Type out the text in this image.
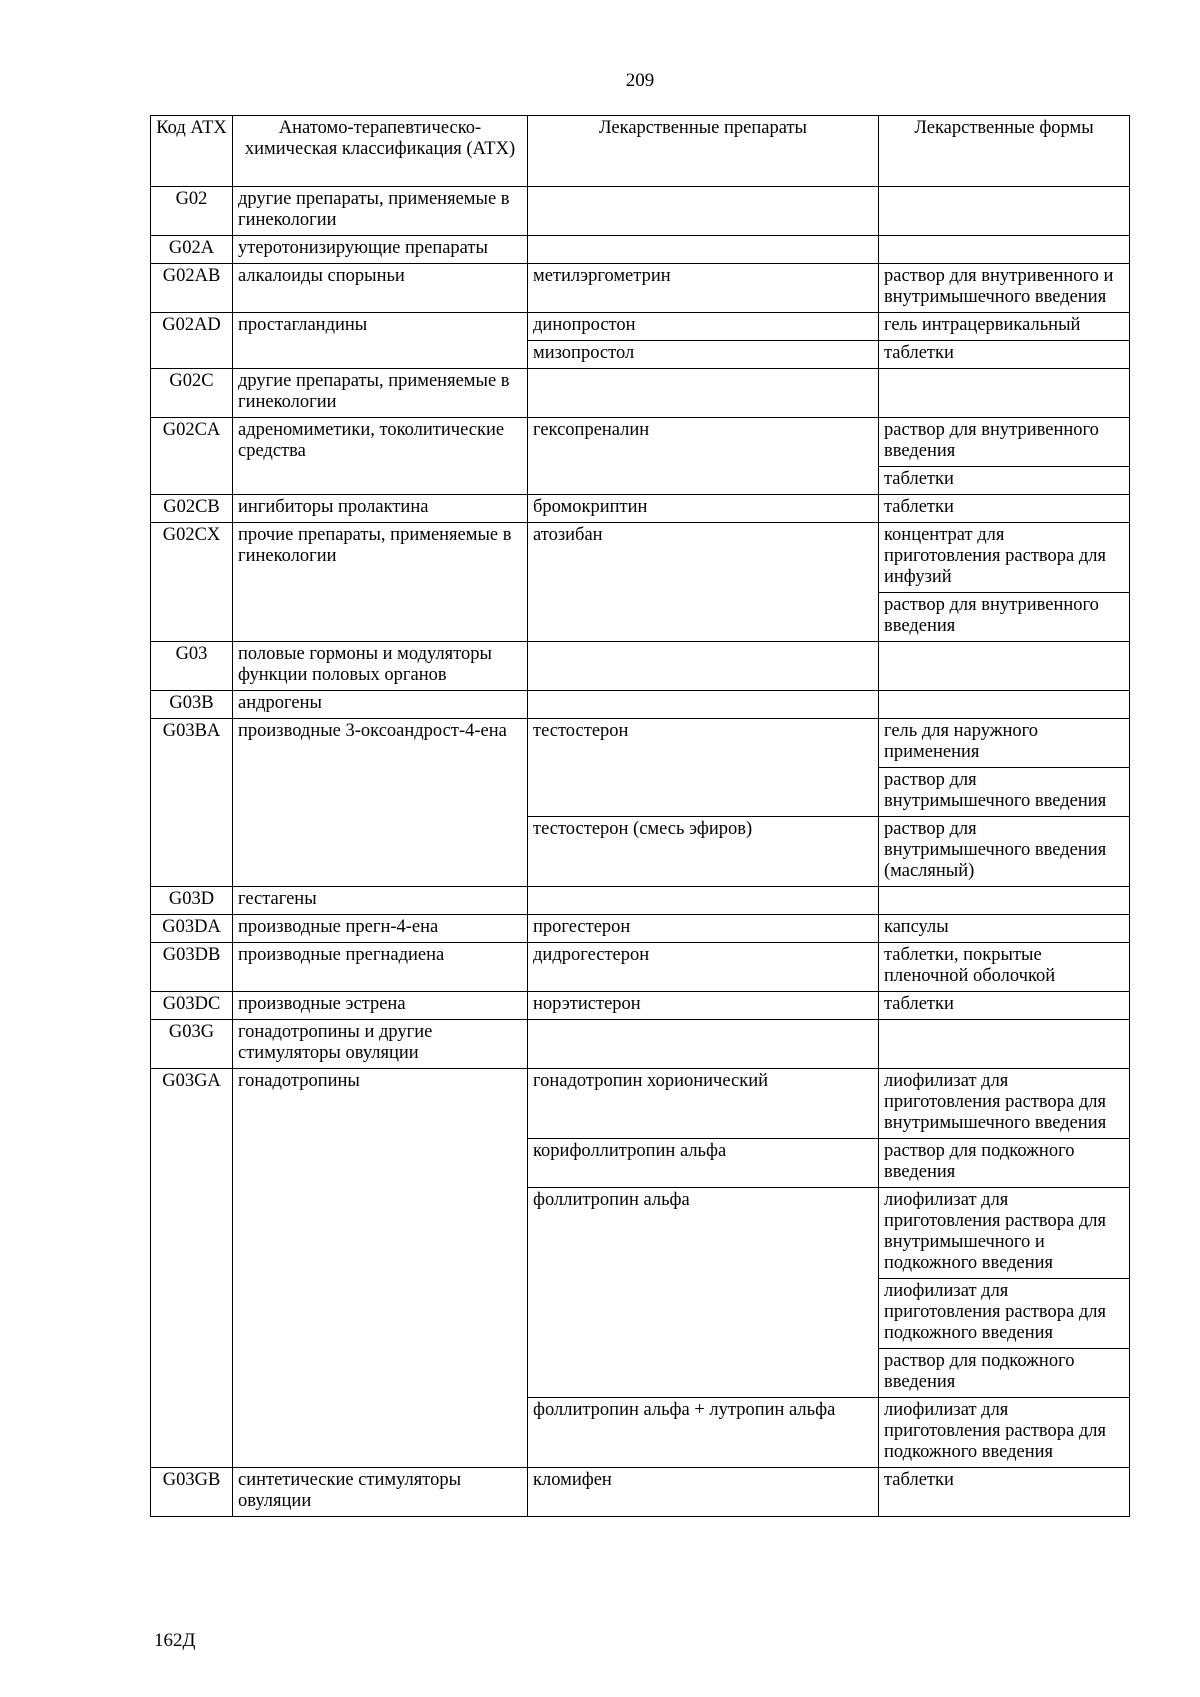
209
Код АТХ	Анатомо-терапевтическо-химическая классификация (АТХ)	Лекарственные препараты	Лекарственные формы
G02	другие препараты, применяемые в гинекологии		
G02A	утеротонизирующие препараты		
G02AB	алкалоиды спорыньи	метилэргометрин	раствор для внутривенного и внутримышечного введения
G02AD	простагландины	динопростон	гель интрацервикальный
		мизопростол	таблетки
G02C	другие препараты, применяемые в гинекологии		
G02CA	адреномиметики, токолитические средства	гексопреналин	раствор для внутривенного введения
			таблетки
G02CB	ингибиторы пролактина	бромокриптин	таблетки
G02CX	прочие препараты, применяемые в гинекологии	атозибан	концентрат для приготовления раствора для инфузий
			раствор для внутривенного введения
G03	половые гормоны и модуляторы функции половых органов		
G03B	андрогены		
G03BA	производные 3-оксоандрост-4-ена	тестостерон	гель для наружного применения
			раствор для внутримышечного введения
		тестостерон (смесь эфиров)	раствор для внутримышечного введения (масляный)
G03D	гестагены		
G03DA	производные прегн-4-ена	прогестерон	капсулы
G03DB	производные прегнадиена	дидрогестерон	таблетки, покрытые пленочной оболочкой
G03DC	производные эстрена	норэтистерон	таблетки
G03G	гонадотропины и другие стимуляторы овуляции		
G03GA	гонадотропины	гонадотропин хорионический	лиофилизат для приготовления раствора для внутримышечного введения
		корифоллитропин альфа	раствор для подкожного введения
		фоллитропин альфа	лиофилизат для приготовления раствора для внутримышечного и подкожного введения
			лиофилизат для приготовления раствора для подкожного введения
			раствор для подкожного введения
		фоллитропин альфа + лутропин альфа	лиофилизат для приготовления раствора для подкожного введения
G03GB	синтетические стимуляторы овуляции	кломифен	таблетки
162Д
